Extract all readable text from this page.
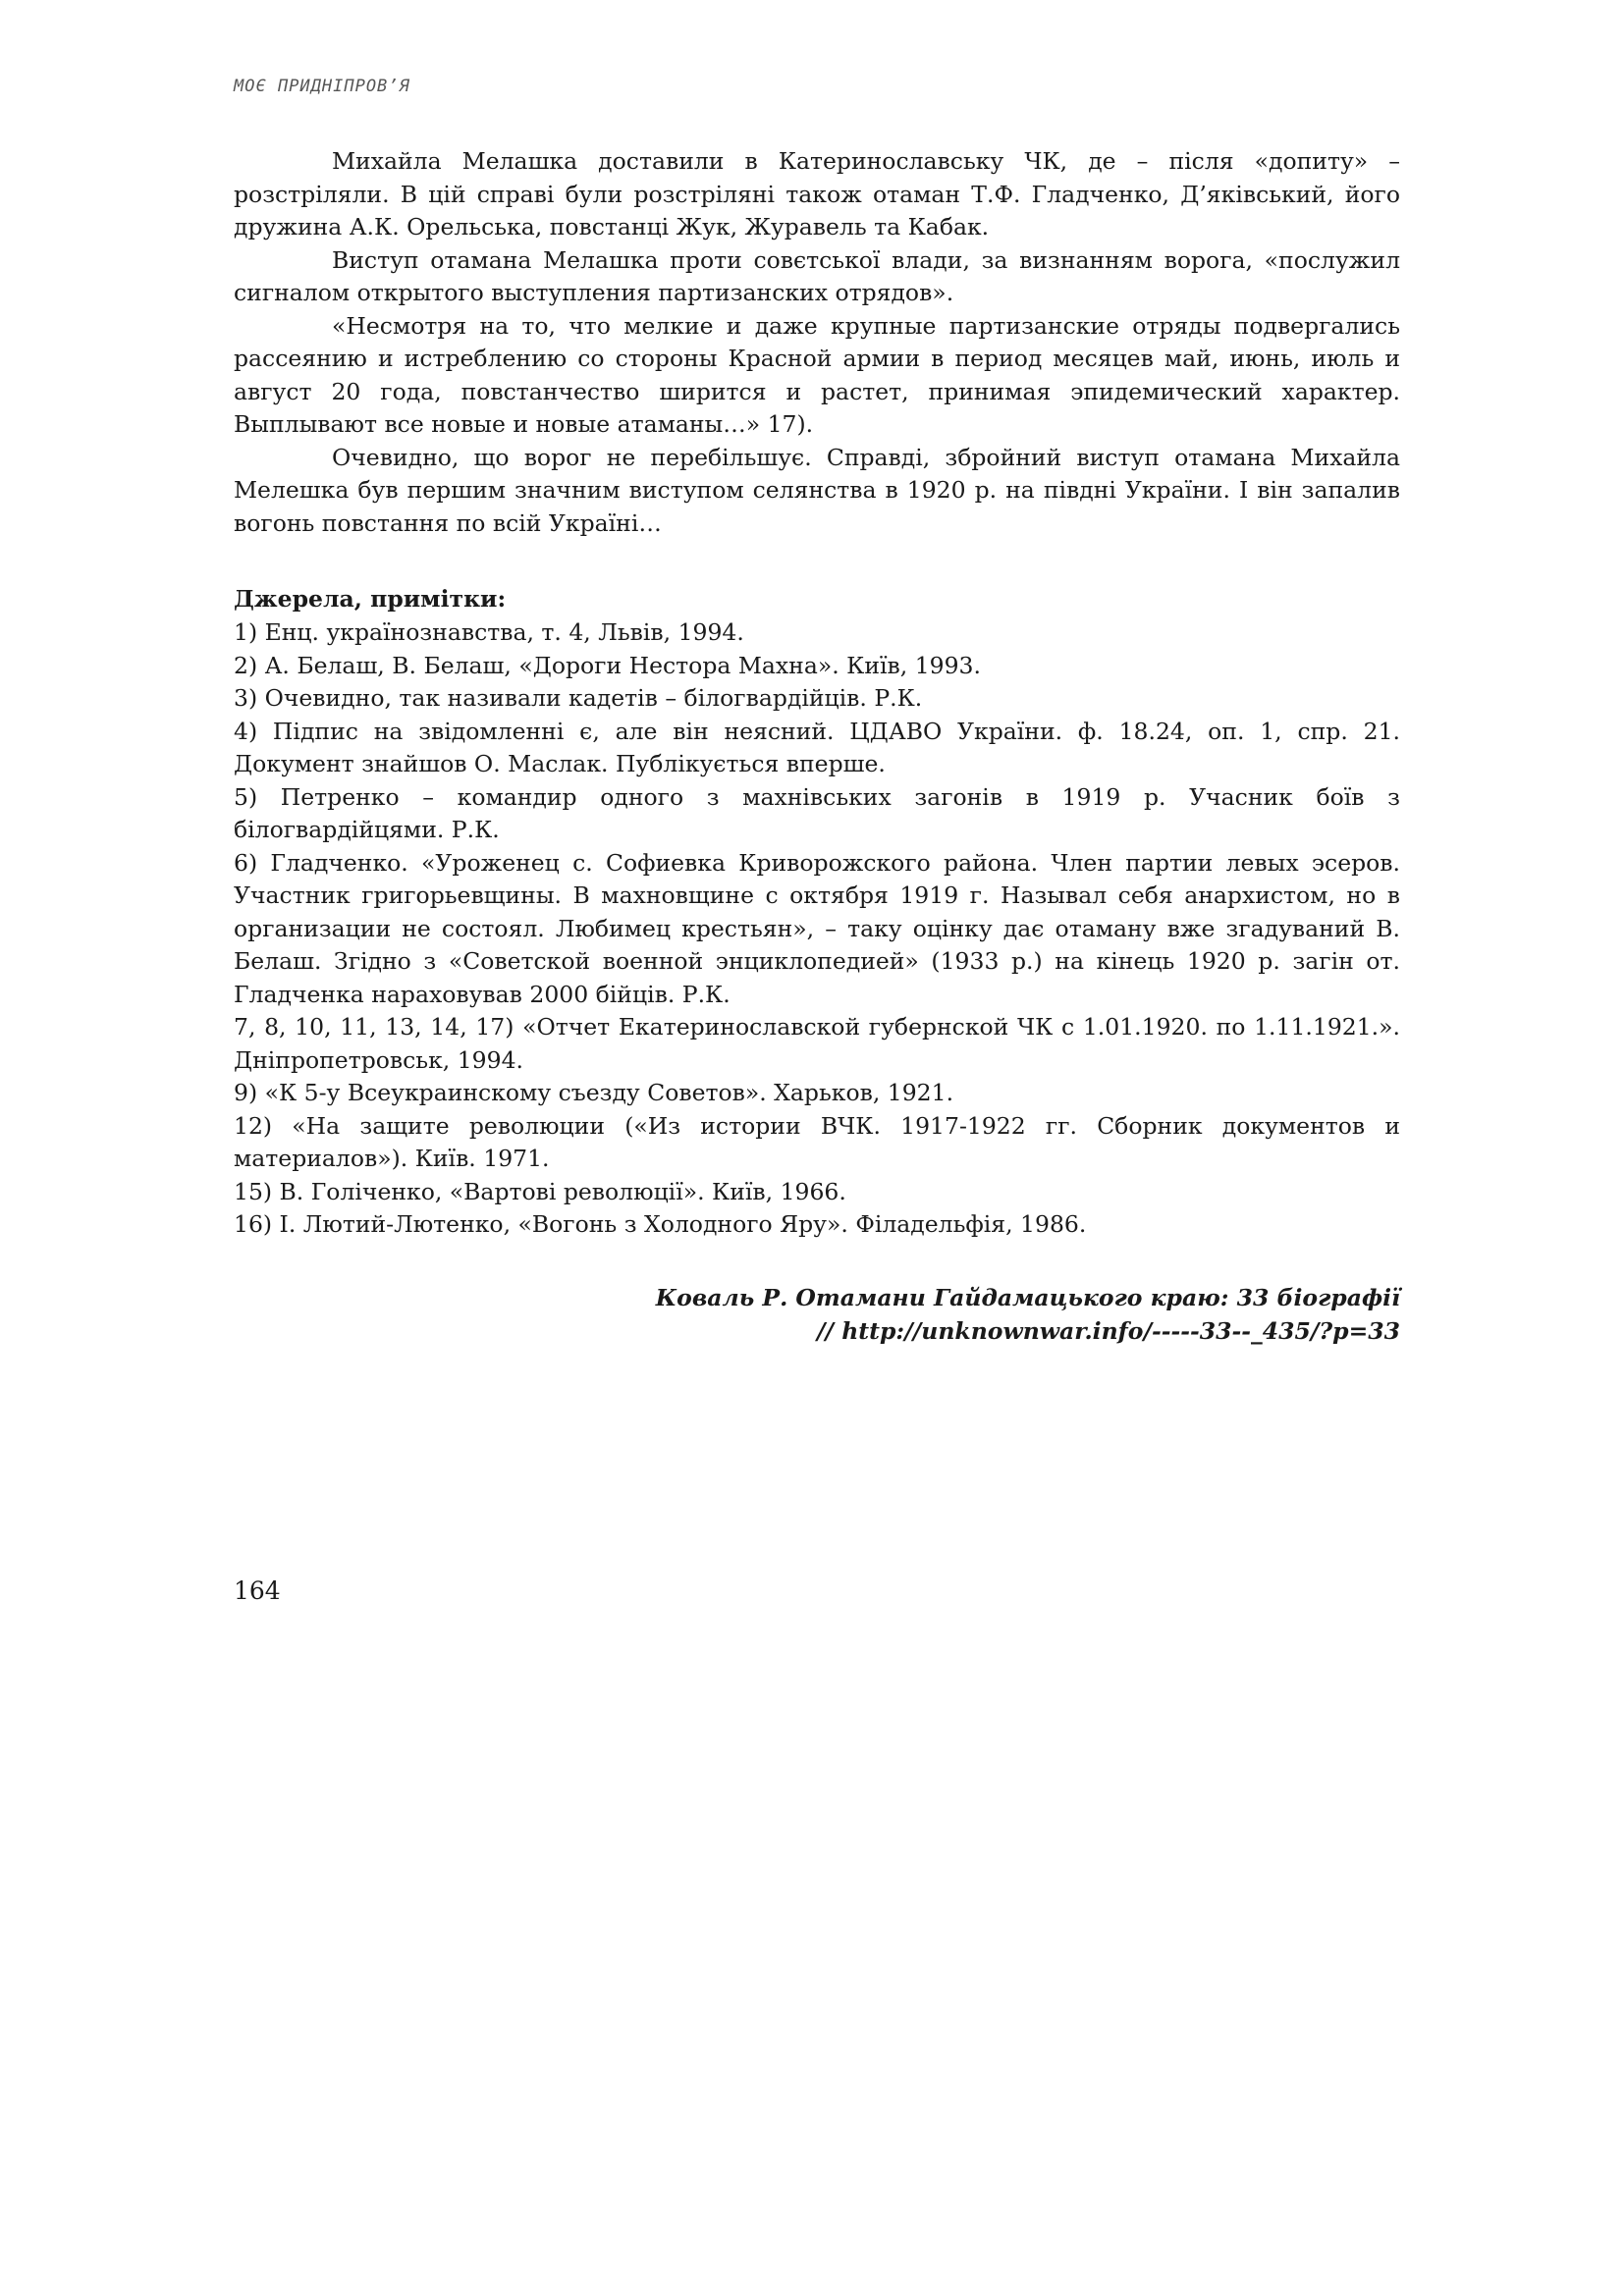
МОЄ ПРИДНІПРОВ’Я

Михайла Мелашка доставили в Катеринославську ЧК, де – після «допиту» – розстріляли. В цій справі були розстріляні також отаман Т.Ф. Гладченко, Д’яківський, його дружина А.К. Орельська, повстанці Жук, Журавель та Кабак.

Виступ отамана Мелашка проти совєтської влади, за визнанням ворога, «послужил сигналом открытого выступления партизанских отрядов».

«Несмотря на то, что мелкие и даже крупные партизанские отряды подвергались рассеянию и истреблению со стороны Красной армии в период месяцев май, июнь, июль и август 20 года, повстанчество ширится и растет, принимая эпидемический характер. Выплывают все новые и новые атаманы…» 17).

Очевидно, що ворог не перебільшує. Справді, збройний виступ отамана Михайла Мелешка був першим значним виступом селянства в 1920 р. на півдні України. І він запалив вогонь повстання по всій Україні…

Джерела, примітки:

1) Енц. українознавства, т. 4, Львів, 1994.

2) А. Белаш, В. Белаш, «Дороги Нестора Махна». Київ, 1993.

3) Очевидно, так називали кадетів – білогвардійців. Р.К.

4) Підпис на звідомленні є, але він неясний. ЦДАВО України. ф. 18.24, оп. 1, спр. 21. Документ знайшов О. Маслак. Публікується вперше.

5) Петренко – командир одного з махнівських загонів в 1919 р. Учасник боїв з білогвардійцями. Р.К.

6) Гладченко. «Уроженец с. Софиевка Криворожского района. Член партии левых эсеров. Участник григорьевщины. В махновщине с октября 1919 г. Называл себя анархистом, но в организации не состоял. Любимец крестьян», – таку оцінку дає отаману вже згадуваний В. Белаш. Згідно з «Советской военной энциклопедией» (1933 р.) на кінець 1920 р. загін от. Гладченка нараховував 2000 бійців. Р.К.

7, 8, 10, 11, 13, 14, 17) «Отчет Екатеринославской губернской ЧК с 1.01.1920. по 1.11.1921.». Дніпропетровськ, 1994.

9) «К 5-у Всеукраинскому съезду Советов». Харьков, 1921.

12) «На защите революции («Из истории ВЧК. 1917-1922 гг. Сборник документов и материалов»). Київ. 1971.

15) В. Голіченко, «Вартові революції». Київ, 1966.

16) І. Лютий-Лютенко, «Вогонь з Холодного Яру». Філадельфія, 1986.

Коваль Р. Отамани Гайдамацького краю: 33 біографії
// http://unknownwar.info/-----33--_435/?p=33
164
